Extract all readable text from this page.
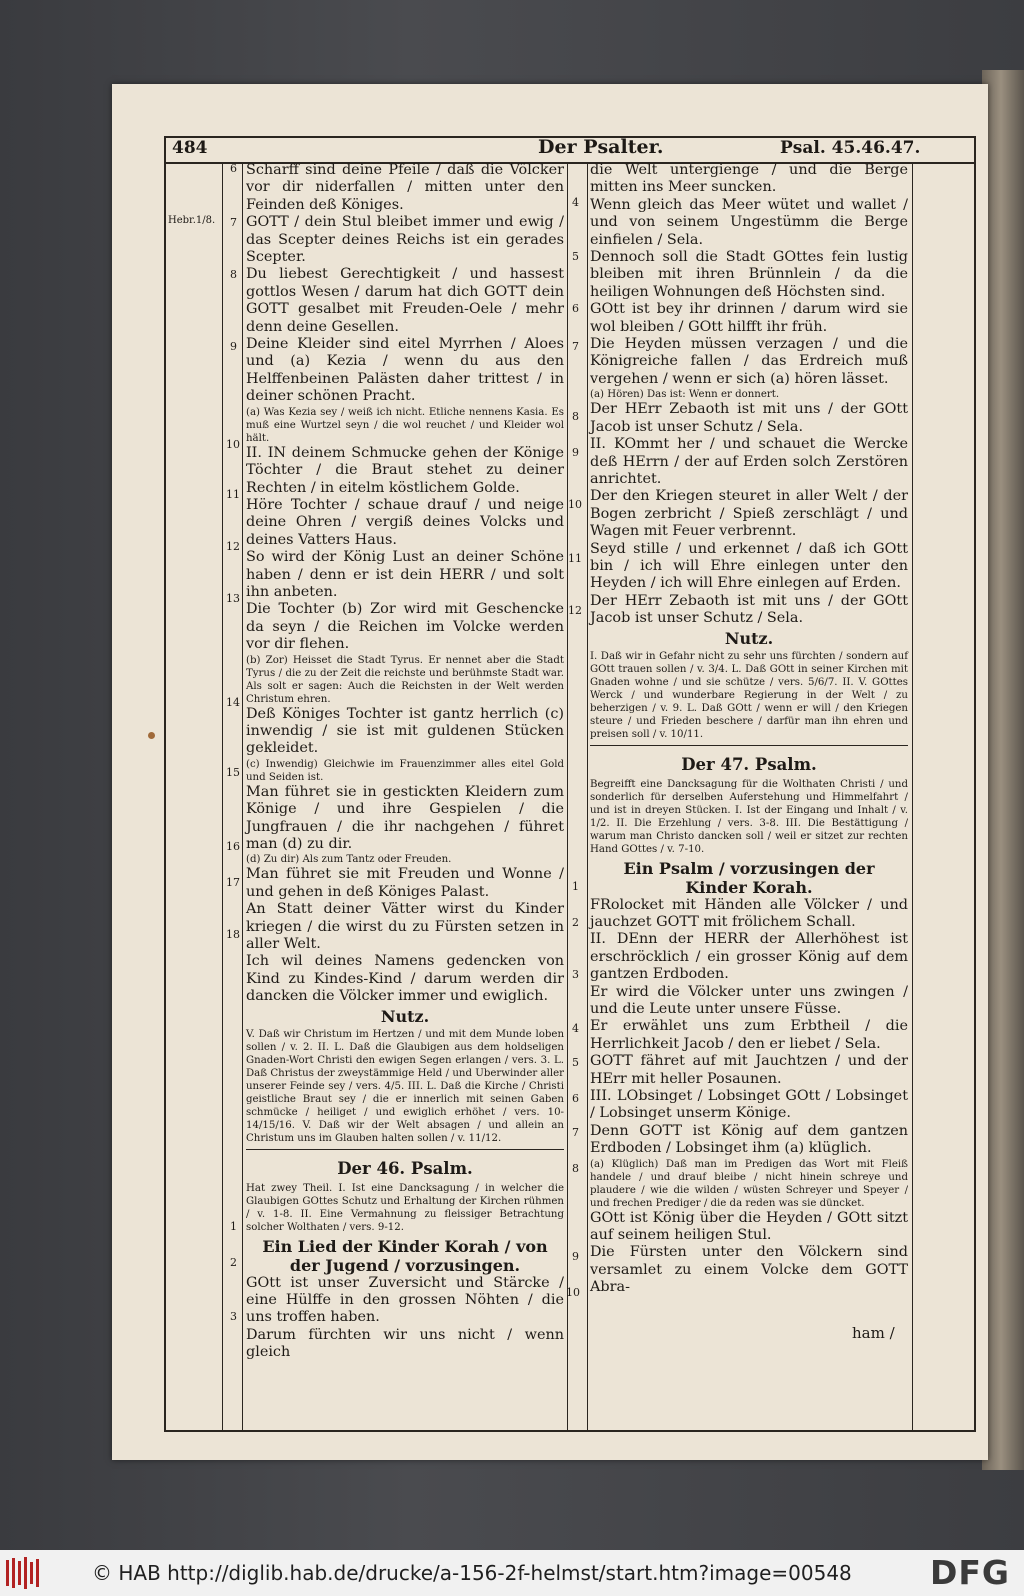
484	Der Psalter.	Psal. 45.46.47.
Hebr.1/8.
6
7
8
9
10
11
12
13
14
15
16
17
18
1
2
3
4
5
6
7
8
9
10
11
12
1
2
3
4
5
6
7
8
9
10

Scharff sind deine Pfeile / daß die Völcker vor dir niderfallen / mitten unter den Feinden deß Königes.

GOTT / dein Stul bleibet immer und ewig / das Scepter deines Reichs ist ein gerades Scepter.

Du liebest Gerechtigkeit / und hassest gottlos Wesen / darum hat dich GOTT dein GOTT gesalbet mit Freuden-Oele / mehr denn deine Gesellen.

Deine Kleider sind eitel Myrrhen / Aloes und (a) Kezia / wenn du aus den Helffenbeinen Palästen daher trittest / in deiner schönen Pracht.

(a) Was Kezia sey / weiß ich nicht. Etliche nennens Kasia. Es muß eine Wurtzel seyn / die wol reuchet / und Kleider wol hält.

II. IN deinem Schmucke gehen der Könige Töchter / die Braut stehet zu deiner Rechten / in eitelm köstlichem Golde.

Höre Tochter / schaue drauf / und neige deine Ohren / vergiß deines Volcks und deines Vatters Haus.

So wird der König Lust an deiner Schöne haben / denn er ist dein HERR / und solt ihn anbeten.

Die Tochter (b) Zor wird mit Geschencke da seyn / die Reichen im Volcke werden vor dir flehen.

(b) Zor) Heisset die Stadt Tyrus. Er nennet aber die Stadt Tyrus / die zu der Zeit die reichste und berühmste Stadt war. Als solt er sagen: Auch die Reichsten in der Welt werden Christum ehren.

Deß Königes Tochter ist gantz herrlich (c) inwendig / sie ist mit guldenen Stücken gekleidet.

(c) Inwendig) Gleichwie im Frauenzimmer alles eitel Gold und Seiden ist.

Man führet sie in gestickten Kleidern zum Könige / und ihre Gespielen / die Jungfrauen / die ihr nachgehen / führet man (d) zu dir.

(d) Zu dir) Als zum Tantz oder Freuden.

Man führet sie mit Freuden und Wonne / und gehen in deß Königes Palast.

An Statt deiner Vätter wirst du Kinder kriegen / die wirst du zu Fürsten setzen in aller Welt.

Ich wil deines Namens gedencken von Kind zu Kindes-Kind / darum werden dir dancken die Völcker immer und ewiglich.

Nutz.

V. Daß wir Christum im Hertzen / und mit dem Munde loben sollen / v. 2. II. L. Daß die Glaubigen aus dem holdseligen Gnaden-Wort Christi den ewigen Segen erlangen / vers. 3. L. Daß Christus der zweystämmige Held / und Uberwinder aller unserer Feinde sey / vers. 4/5. III. L. Daß die Kirche / Christi geistliche Braut sey / die er innerlich mit seinen Gaben schmücke / heiliget / und ewiglich erhöhet / vers. 10-14/15/16. V. Daß wir der Welt absagen / und allein an Christum uns im Glauben halten sollen / v. 11/12.

Der 46. Psalm.

Hat zwey Theil. I. Ist eine Dancksagung / in welcher die Glaubigen GOttes Schutz und Erhaltung der Kirchen rühmen / v. 1-8. II. Eine Vermahnung zu fleissiger Betrachtung solcher Wolthaten / vers. 9-12.

Ein Lied der Kinder Korah / von der Jugend / vorzusingen.

GOtt ist unser Zuversicht und Stärcke / eine Hülffe in den grossen Nöhten / die uns troffen haben.

Darum fürchten wir uns nicht / wenn gleich

die Welt untergienge / und die Berge mitten ins Meer suncken.

Wenn gleich das Meer wütet und wallet / und von seinem Ungestümm die Berge einfielen / Sela.

Dennoch soll die Stadt GOttes fein lustig bleiben mit ihren Brünnlein / da die heiligen Wohnungen deß Höchsten sind.

GOtt ist bey ihr drinnen / darum wird sie wol bleiben / GOtt hilfft ihr früh.

Die Heyden müssen verzagen / und die Königreiche fallen / das Erdreich muß vergehen / wenn er sich (a) hören lässet.

(a) Hören) Das ist: Wenn er donnert.

Der HErr Zebaoth ist mit uns / der GOtt Jacob ist unser Schutz / Sela.

II. KOmmt her / und schauet die Wercke deß HErrn / der auf Erden solch Zerstören anrichtet.

Der den Kriegen steuret in aller Welt / der Bogen zerbricht / Spieß zerschlägt / und Wagen mit Feuer verbrennt.

Seyd stille / und erkennet / daß ich GOtt bin / ich will Ehre einlegen unter den Heyden / ich will Ehre einlegen auf Erden.

Der HErr Zebaoth ist mit uns / der GOtt Jacob ist unser Schutz / Sela.

Nutz.

I. Daß wir in Gefahr nicht zu sehr uns fürchten / sondern auf GOtt trauen sollen / v. 3/4. L. Daß GOtt in seiner Kirchen mit Gnaden wohne / und sie schütze / vers. 5/6/7. II. V. GOttes Werck / und wunderbare Regierung in der Welt / zu beherzigen / v. 9. L. Daß GOtt / wenn er will / den Kriegen steure / und Frieden beschere / darfür man ihn ehren und preisen soll / v. 10/11.

Der 47. Psalm.

Begreifft eine Dancksagung für die Wolthaten Christi / und sonderlich für derselben Auferstehung und Himmelfahrt / und ist in dreyen Stücken. I. Ist der Eingang und Inhalt / v. 1/2. II. Die Erzehlung / vers. 3-8. III. Die Bestättigung / warum man Christo dancken soll / weil er sitzet zur rechten Hand GOttes / v. 7-10.

Ein Psalm / vorzusingen der Kinder Korah.

FRolocket mit Händen alle Völcker / und jauchzet GOTT mit frölichem Schall.

II. DEnn der HERR der Allerhöhest ist erschröcklich / ein grosser König auf dem gantzen Erdboden.

Er wird die Völcker unter uns zwingen / und die Leute unter unsere Füsse.

Er erwählet uns zum Erbtheil / die Herrlichkeit Jacob / den er liebet / Sela.

GOTT fähret auf mit Jauchtzen / und der HErr mit heller Posaunen.

III. LObsinget / Lobsinget GOtt / Lobsinget / Lobsinget unserm Könige.

Denn GOTT ist König auf dem gantzen Erdboden / Lobsinget ihm (a) klüglich.

(a) Klüglich) Daß man im Predigen das Wort mit Fleiß handele / und drauf bleibe / nicht hinein schreye und plaudere / wie die wilden / wüsten Schreyer und Speyer / und frechen Prediger / die da reden was sie düncket.

GOtt ist König über die Heyden / GOtt sitzt auf seinem heiligen Stul.

Die Fürsten unter den Völckern sind versamlet zu einem Volcke dem GOTT Abra-

ham /
© HAB http://diglib.hab.de/drucke/a-156-2f-helmst/start.htm?image=00548 DFG
